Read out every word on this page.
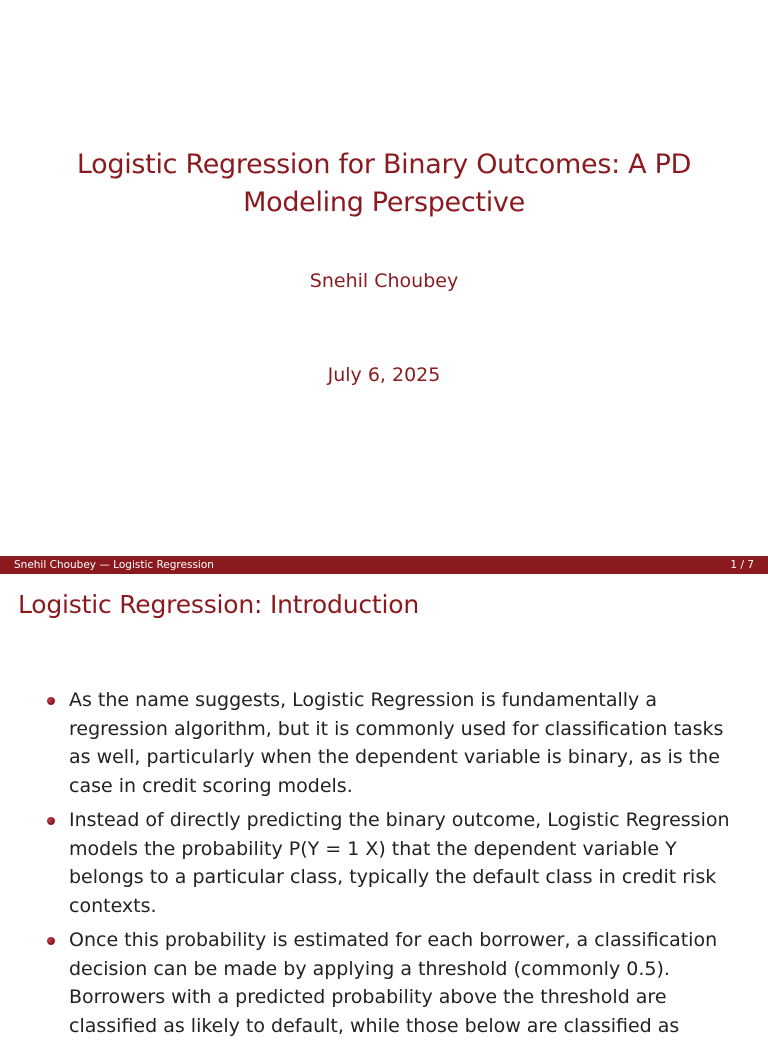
Logistic Regression for Binary Outcomes: A PD Modeling Perspective
Snehil Choubey
July 6, 2025
Snehil Choubey — Logistic Regression	1 / 7
Logistic Regression: Introduction
As the name suggests, Logistic Regression is fundamentally a regression algorithm, but it is commonly used for classification tasks as well, particularly when the dependent variable is binary, as is the case in credit scoring models.
Instead of directly predicting the binary outcome, Logistic Regression models the probability P(Y = 1 X) that the dependent variable Y belongs to a particular class, typically the default class in credit risk contexts.
Once this probability is estimated for each borrower, a classification decision can be made by applying a threshold (commonly 0.5). Borrowers with a predicted probability above the threshold are classified as likely to default, while those below are classified as
